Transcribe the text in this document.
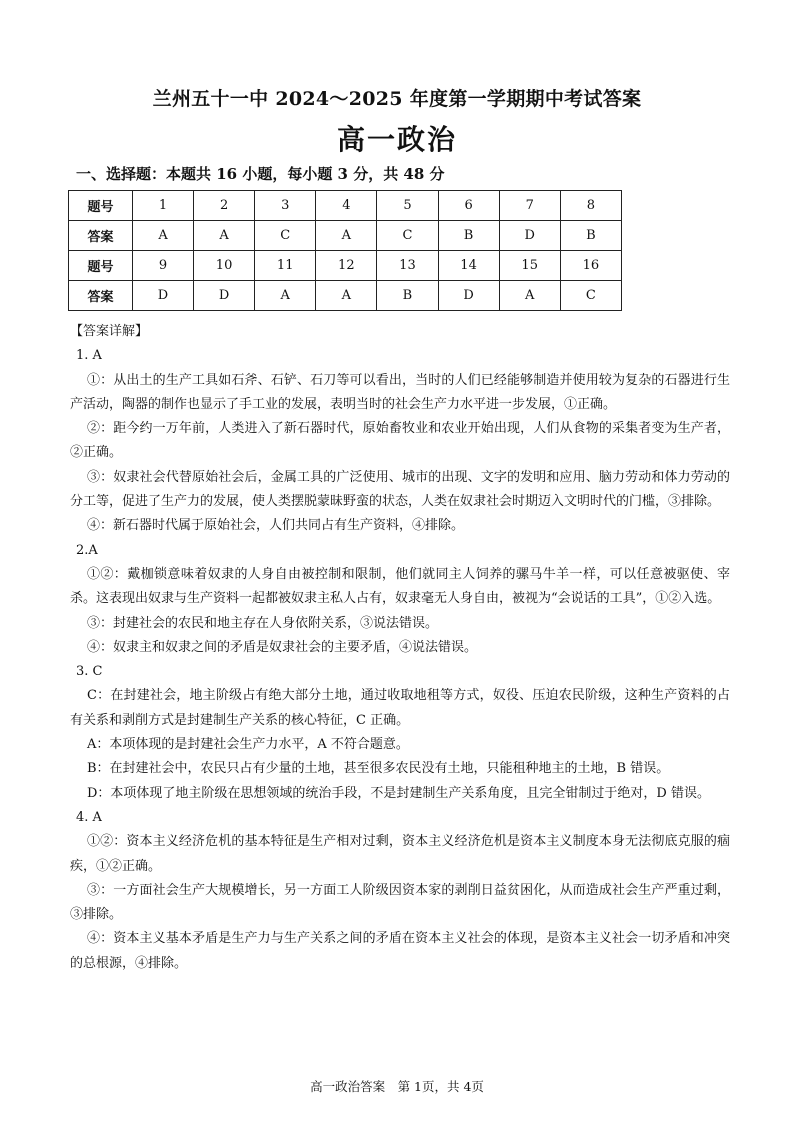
兰州五十一中 2024～2025 年度第一学期期中考试答案
高一政治
一、选择题：本题共 16 小题，每小题 3 分，共 48 分
题号	1	2	3	4	5	6	7	8
答案	A	A	C	A	C	B	D	B
题号	9	10	11	12	13	14	15	16
答案	D	D	A	A	B	D	A	C

【答案详解】

1. A

①：从出土的生产工具如石斧、石铲、石刀等可以看出，当时的人们已经能够制造并使用较为复杂的石器进行生产活动，陶器的制作也显示了手工业的发展，表明当时的社会生产力水平进一步发展，①正确。

②：距今约一万年前，人类进入了新石器时代，原始畜牧业和农业开始出现，人们从食物的采集者变为生产者，②正确。

③：奴隶社会代替原始社会后，金属工具的广泛使用、城市的出现、文字的发明和应用、脑力劳动和体力劳动的分工等，促进了生产力的发展，使人类摆脱蒙昧野蛮的状态，人类在奴隶社会时期迈入文明时代的门槛，③排除。

④：新石器时代属于原始社会，人们共同占有生产资料，④排除。

2.A

①②：戴枷锁意味着奴隶的人身自由被控制和限制，他们就同主人饲养的骡马牛羊一样，可以任意被驱使、宰杀。这表现出奴隶与生产资料一起都被奴隶主私人占有，奴隶毫无人身自由，被视为“会说话的工具”，①②入选。

③：封建社会的农民和地主存在人身依附关系，③说法错误。

④：奴隶主和奴隶之间的矛盾是奴隶社会的主要矛盾，④说法错误。

3. C

C：在封建社会，地主阶级占有绝大部分土地，通过收取地租等方式，奴役、压迫农民阶级，这种生产资料的占有关系和剥削方式是封建制生产关系的核心特征，C 正确。

A：本项体现的是封建社会生产力水平，A 不符合题意。

B：在封建社会中，农民只占有少量的土地，甚至很多农民没有土地，只能租种地主的土地，B 错误。

D：本项体现了地主阶级在思想领域的统治手段，不是封建制生产关系角度，且完全钳制过于绝对，D 错误。

4. A

①②：资本主义经济危机的基本特征是生产相对过剩，资本主义经济危机是资本主义制度本身无法彻底克服的痼疾，①②正确。

③：一方面社会生产大规模增长，另一方面工人阶级因资本家的剥削日益贫困化，从而造成社会生产严重过剩，③排除。

④：资本主义基本矛盾是生产力与生产关系之间的矛盾在资本主义社会的体现，是资本主义社会一切矛盾和冲突的总根源，④排除。

高一政治答案　第 1页，共 4页
